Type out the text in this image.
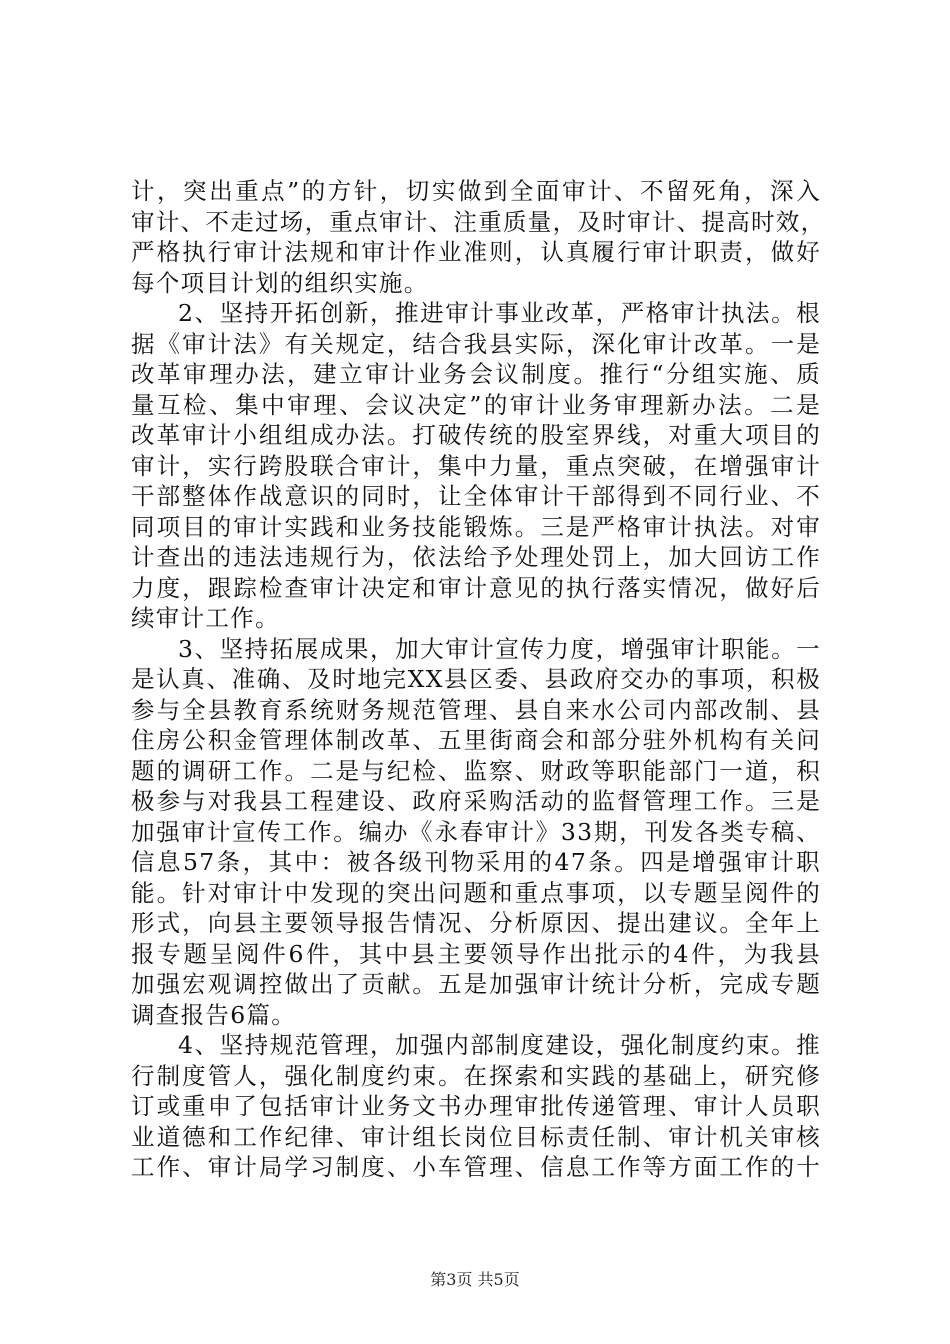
计，突出重点”的方针，切实做到全面审计、不留死角，深入
审计、不走过场，重点审计、注重质量，及时审计、提高时效，
严格执行审计法规和审计作业准则，认真履行审计职责，做好
每个项目计划的组织实施。
2、坚持开拓创新，推进审计事业改革，严格审计执法。根
据《审计法》有关规定，结合我县实际，深化审计改革。一是
改革审理办法，建立审计业务会议制度。推行“分组实施、质
量互检、集中审理、会议决定”的审计业务审理新办法。二是
改革审计小组组成办法。打破传统的股室界线，对重大项目的
审计，实行跨股联合审计，集中力量，重点突破，在增强审计
干部整体作战意识的同时，让全体审计干部得到不同行业、不
同项目的审计实践和业务技能锻炼。三是严格审计执法。对审
计查出的违法违规行为，依法给予处理处罚上，加大回访工作
力度，跟踪检查审计决定和审计意见的执行落实情况，做好后
续审计工作。
3、坚持拓展成果，加大审计宣传力度，增强审计职能。一
是认真、准确、及时地完XX县区委、县政府交办的事项，积极
参与全县教育系统财务规范管理、县自来水公司内部改制、县
住房公积金管理体制改革、五里街商会和部分驻外机构有关问
题的调研工作。二是与纪检、监察、财政等职能部门一道，积
极参与对我县工程建设、政府采购活动的监督管理工作。三是
加强审计宣传工作。编办《永春审计》33期，刊发各类专稿、
信息57条，其中：被各级刊物采用的47条。四是增强审计职
能。针对审计中发现的突出问题和重点事项，以专题呈阅件的
形式，向县主要领导报告情况、分析原因、提出建议。全年上
报专题呈阅件6件，其中县主要领导作出批示的4件，为我县
加强宏观调控做出了贡献。五是加强审计统计分析，完成专题
调查报告6篇。
4、坚持规范管理，加强内部制度建设，强化制度约束。推
行制度管人，强化制度约束。在探索和实践的基础上，研究修
订或重申了包括审计业务文书办理审批传递管理、审计人员职
业道德和工作纪律、审计组长岗位目标责任制、审计机关审核
工作、审计局学习制度、小车管理、信息工作等方面工作的十
第3页 共5页
